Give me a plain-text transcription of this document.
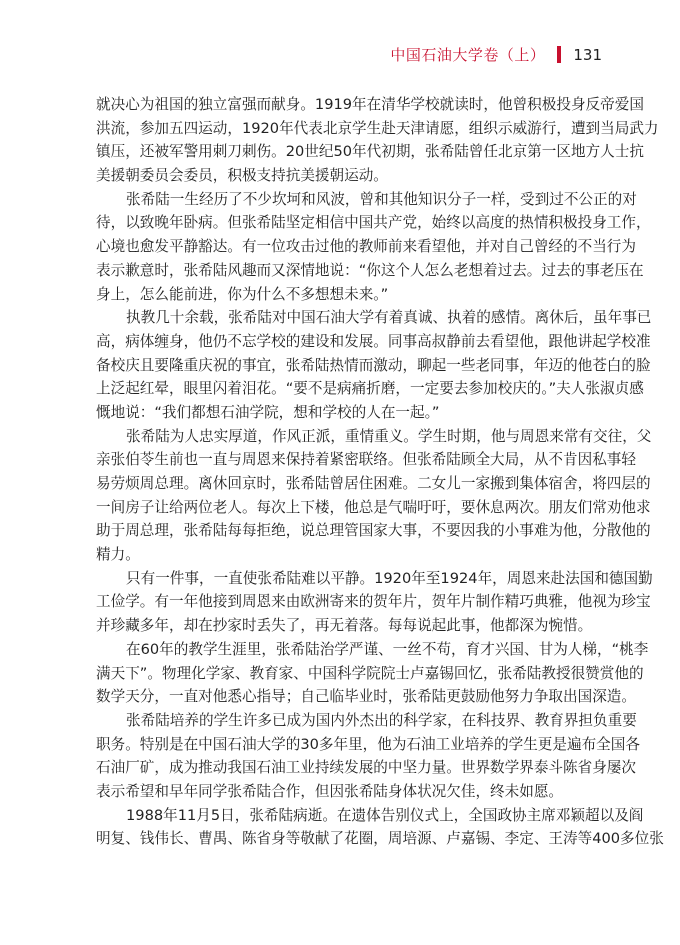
中国石油大学卷（上） 131
就决心为祖国的独立富强而献身。1919年在清华学校就读时，他曾积极投身反帝爱国
洪流，参加五四运动，1920年代表北京学生赴天津请愿，组织示威游行，遭到当局武力
镇压，还被军警用刺刀刺伤。20世纪50年代初期，张希陆曾任北京第一区地方人士抗
美援朝委员会委员，积极支持抗美援朝运动。
张希陆一生经历了不少坎坷和风波，曾和其他知识分子一样，受到过不公正的对
待，以致晚年卧病。但张希陆坚定相信中国共产党，始终以高度的热情积极投身工作，
心境也愈发平静豁达。有一位攻击过他的教师前来看望他，并对自己曾经的不当行为
表示歉意时，张希陆风趣而又深情地说：“你这个人怎么老想着过去。过去的事老压在
身上，怎么能前进，你为什么不多想想未来。”
执教几十余载，张希陆对中国石油大学有着真诚、执着的感情。离休后，虽年事已
高，病体缠身，他仍不忘学校的建设和发展。同事高叔静前去看望他，跟他讲起学校准
备校庆且要隆重庆祝的事宜，张希陆热情而激动，聊起一些老同事，年迈的他苍白的脸
上泛起红晕，眼里闪着泪花。“要不是病痛折磨，一定要去参加校庆的。”夫人张淑贞感
慨地说：“我们都想石油学院，想和学校的人在一起。”
张希陆为人忠实厚道，作风正派，重情重义。学生时期，他与周恩来常有交往，父
亲张伯苓生前也一直与周恩来保持着紧密联络。但张希陆顾全大局，从不肯因私事轻
易劳烦周总理。离休回京时，张希陆曾居住困难。二女儿一家搬到集体宿舍，将四层的
一间房子让给两位老人。每次上下楼，他总是气喘吁吁，要休息两次。朋友们常劝他求
助于周总理，张希陆每每拒绝，说总理管国家大事，不要因我的小事难为他，分散他的
精力。
只有一件事，一直使张希陆难以平静。1920年至1924年，周恩来赴法国和德国勤
工俭学。有一年他接到周恩来由欧洲寄来的贺年片，贺年片制作精巧典雅，他视为珍宝
并珍藏多年，却在抄家时丢失了，再无着落。每每说起此事，他都深为惋惜。
在60年的教学生涯里，张希陆治学严谨、一丝不苟，育才兴国、甘为人梯，“桃李
满天下”。物理化学家、教育家、中国科学院院士卢嘉锡回忆，张希陆教授很赞赏他的
数学天分，一直对他悉心指导；自己临毕业时，张希陆更鼓励他努力争取出国深造。
张希陆培养的学生许多已成为国内外杰出的科学家，在科技界、教育界担负重要
职务。特别是在中国石油大学的30多年里，他为石油工业培养的学生更是遍布全国各
石油厂矿，成为推动我国石油工业持续发展的中坚力量。世界数学界泰斗陈省身屡次
表示希望和早年同学张希陆合作，但因张希陆身体状况欠佳，终未如愿。
1988年11月5日，张希陆病逝。在遗体告别仪式上，全国政协主席邓颖超以及阎
明复、钱伟长、曹禺、陈省身等敬献了花圈，周培源、卢嘉锡、李定、王涛等400多位张
